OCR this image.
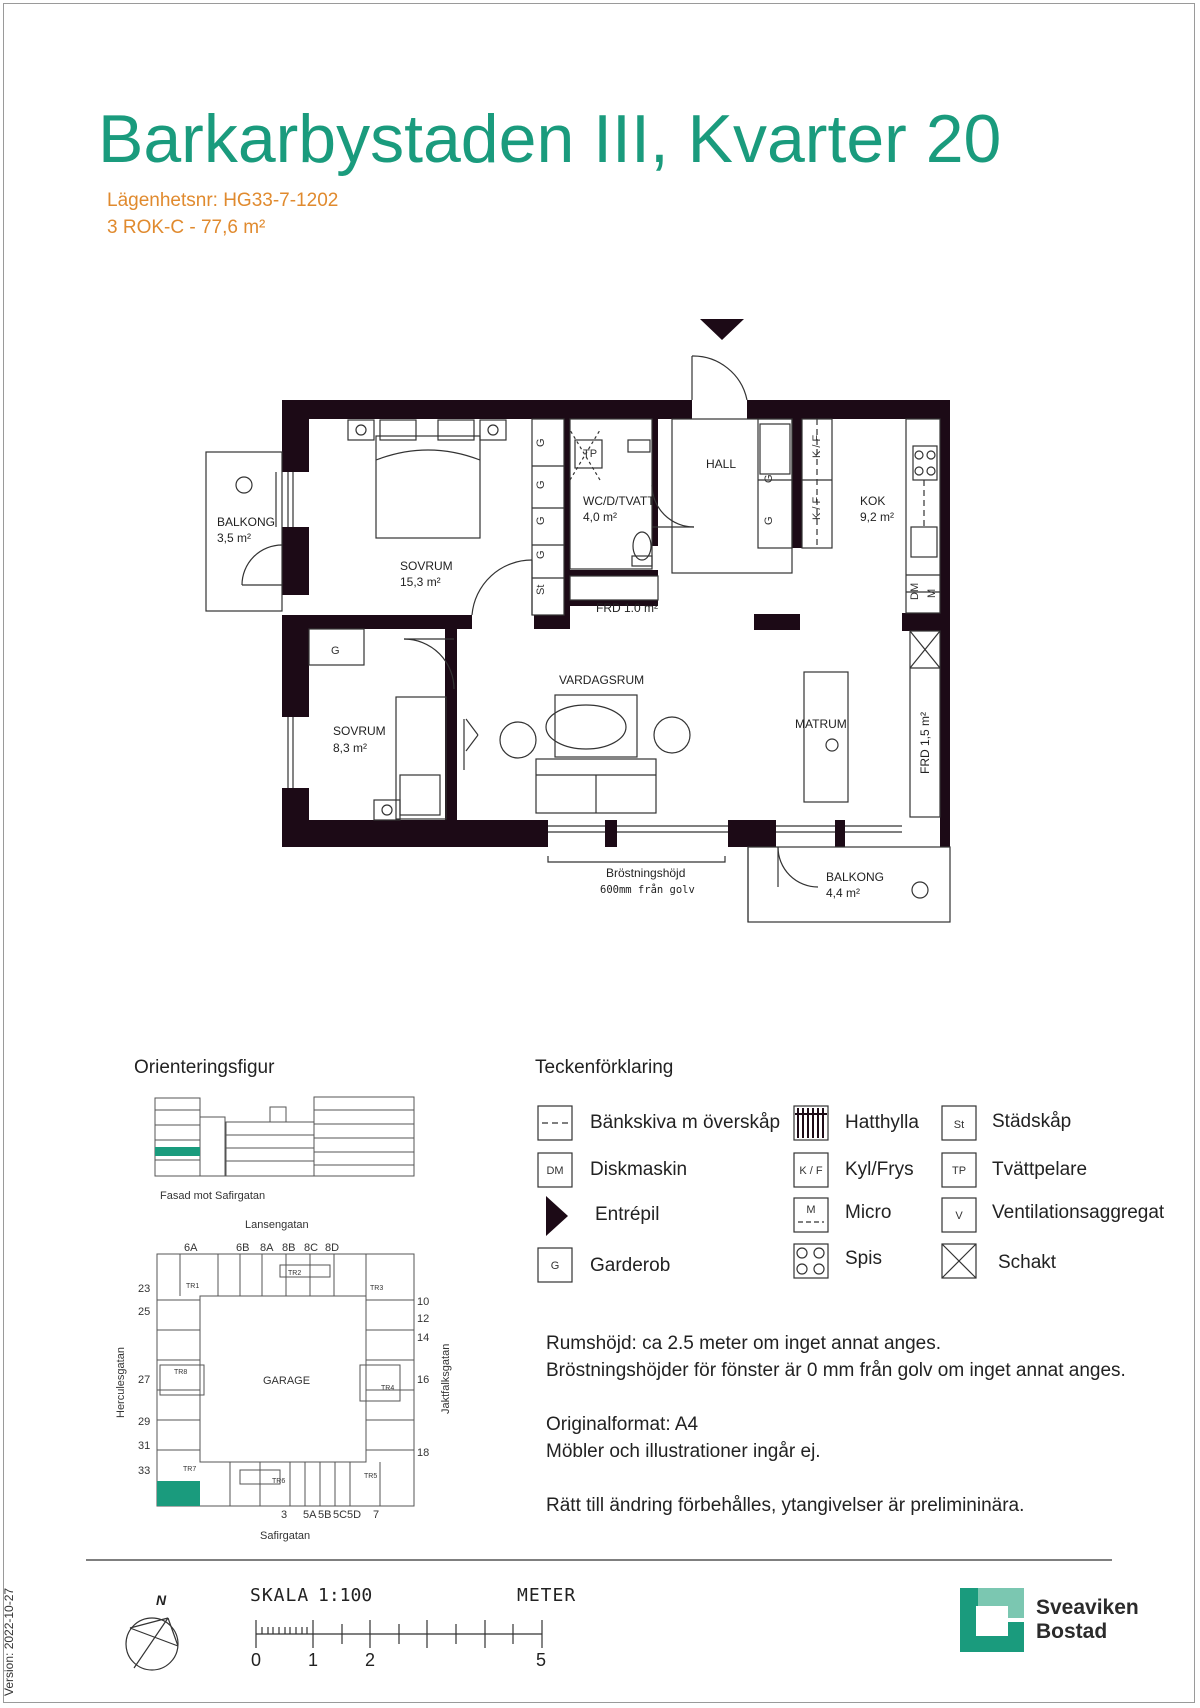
Barkarbystaden III, Kvarter 20
Lägenhetsnr: HG33-7-1202
3 ROK-C - 77,6 m²
BALKONG
3,5 m²
SOVRUM
15,3 m²
WC/D/TVATT
4,0 m²
HALL
KOK
9,2 m²
FRD 1.0 m²
SOVRUM
8,3 m²
VARDAGSRUM
MATRUM	FRD 1,5 m²
BALKONG
4,4 m²
Bröstningshöjd
600mm från golv
G
G
G
G
St
TP
G
G
K / F
K / F
DM M
G
Fasad mot Safirgatan
Lansengatan
Safirgatan
Herculesgatan	Jaktfalksgatan
GARAGE
6A	6B 8A 8B 8C 8D
23
25
27
29
31
33
10
12
14
16
18
3 5A 5B 5C 5D 7
TR1
TR2
TR3
TR4
TR5
TR6
TR7
TR8
St
DM	K / F	TP
M	V
G
N
Orienteringsfigur	Teckenförklaring
Bänkskiva m överskåp	Hatthylla	Städskåp
Diskmaskin	Kyl/Frys	Tvättpelare
Entrépil	Micro	Ventilationsaggregat
Garderob	Spis	Schakt
Rumshöjd: ca 2.5 meter om inget annat anges.
Bröstningshöjder för fönster är 0 mm från golv om inget annat anges.
Originalformat: A4
Möbler och illustrationer ingår ej.
Rätt till ändring förbehålles, ytangivelser är prelimininära.
SKALA 1:100	METER
0	1	2	5
Sveaviken
Bostad
Version: 2022-10-27
